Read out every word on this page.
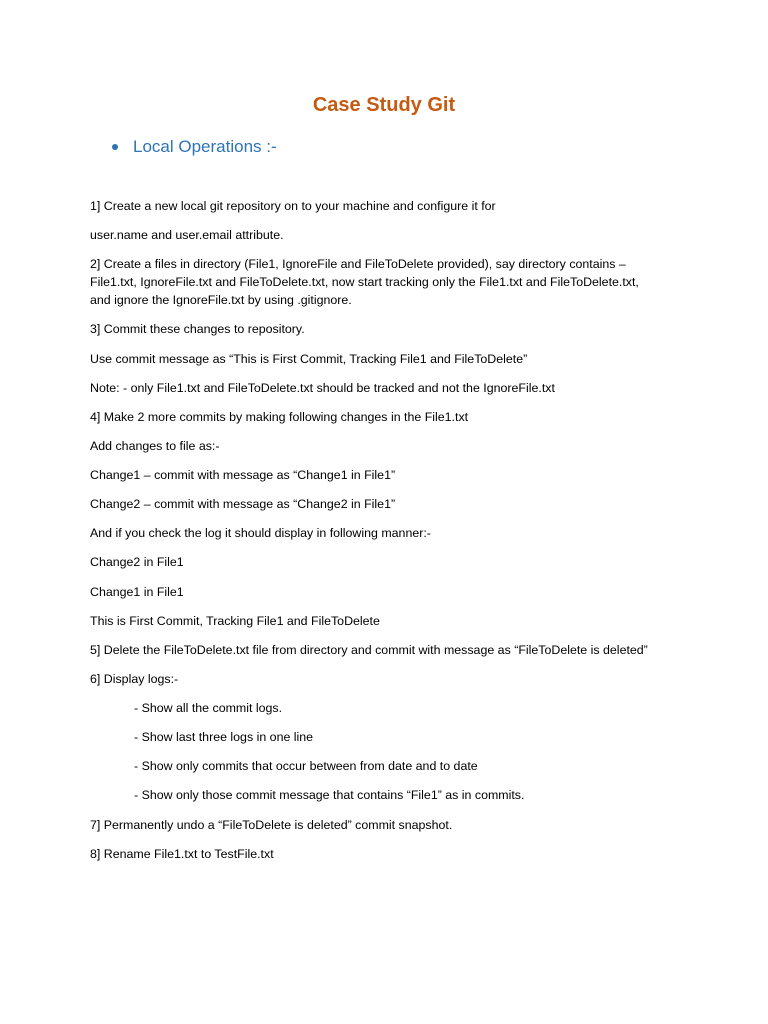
Case Study Git
Local Operations :-
1] Create a new local git repository on to your machine and configure it for
user.name and user.email attribute.
2] Create a files in directory (File1, IgnoreFile and FileToDelete provided), say directory contains –
File1.txt, IgnoreFile.txt and FileToDelete.txt, now start tracking only the File1.txt and FileToDelete.txt,
and ignore the IgnoreFile.txt by using .gitignore.
3] Commit these changes to repository.
Use commit message as “This is First Commit, Tracking File1 and FileToDelete”
Note: - only File1.txt and FileToDelete.txt should be tracked and not the IgnoreFile.txt
4] Make 2 more commits by making following changes in the File1.txt
Add changes to file as:-
Change1 – commit with message as “Change1 in File1”
Change2 – commit with message as “Change2 in File1”
And if you check the log it should display in following manner:-
Change2 in File1
Change1 in File1
This is First Commit, Tracking File1 and FileToDelete
5] Delete the FileToDelete.txt file from directory and commit with message as “FileToDelete is deleted”
6] Display logs:-
- Show all the commit logs.
- Show last three logs in one line
- Show only commits that occur between from date and to date
- Show only those commit message that contains “File1” as in commits.
7] Permanently undo a “FileToDelete is deleted” commit snapshot.
8] Rename File1.txt to TestFile.txt
